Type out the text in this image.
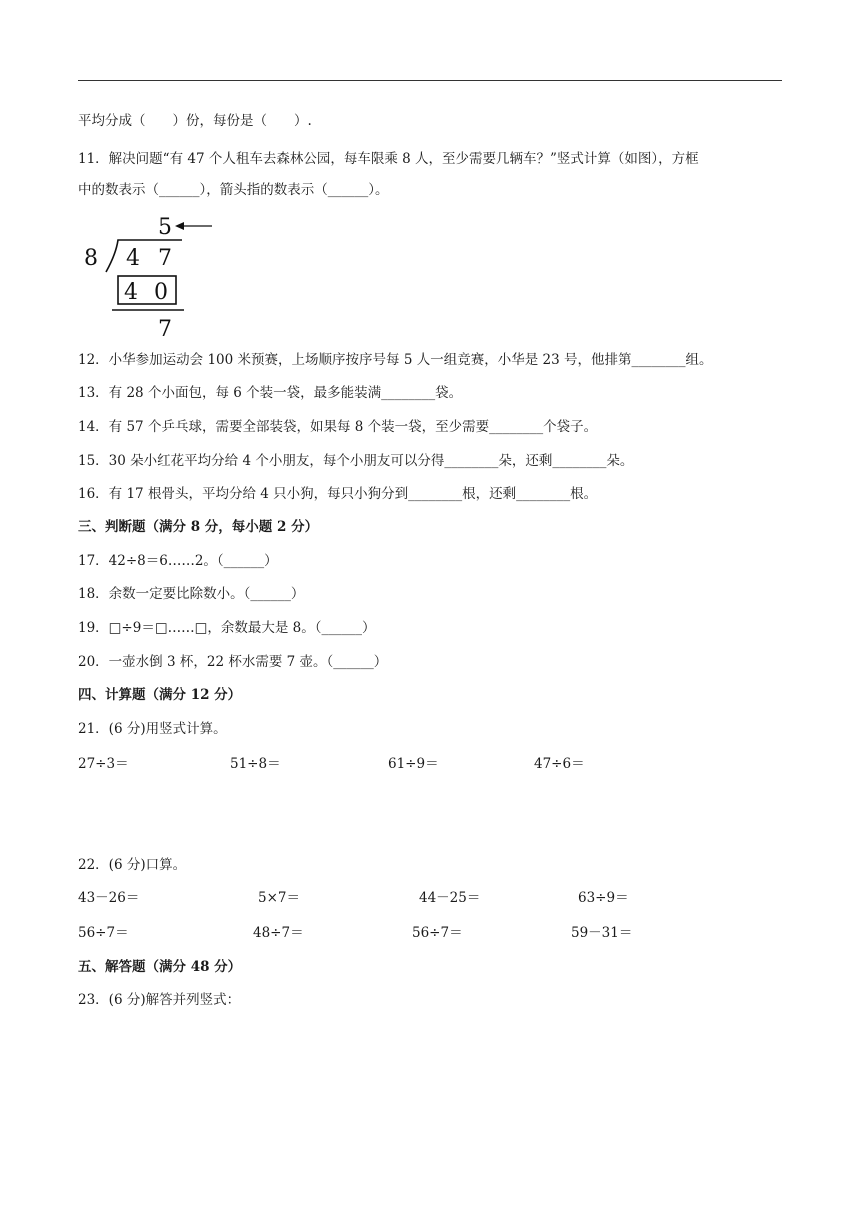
平均分成（　　）份，每份是（　　）.
11．解决问题“有 47 个人租车去森林公园，每车限乘 8 人，至少需要几辆车？”竖式计算（如图），方框
中的数表示（______），箭头指的数表示（______）。
5
8 4 7
4 0
7
12．小华参加运动会 100 米预赛，上场顺序按序号每 5 人一组竞赛，小华是 23 号，他排第________组。
13．有 28 个小面包，每 6 个装一袋，最多能装满________袋。
14．有 57 个乒乓球，需要全部装袋，如果每 8 个装一袋，至少需要________个袋子。
15．30 朵小红花平均分给 4 个小朋友，每个小朋友可以分得________朵，还剩________朵。
16．有 17 根骨头，平均分给 4 只小狗，每只小狗分到________根，还剩________根。
三、判断题（满分 8 分，每小题 2 分）
17．42÷8＝6……2。（______）
18．余数一定要比除数小。（______）
19．□÷9＝□……□，余数最大是 8。（______）
20．一壶水倒 3 杯，22 杯水需要 7 壶。（______）
四、计算题（满分 12 分）
21．(6 分)用竖式计算。
27÷3＝	51÷8＝	61÷9＝	47÷6＝
22．(6 分)口算。
43－26＝	5×7＝	44－25＝	63÷9＝
56÷7＝	48÷7＝	56÷7＝	59－31＝
五、解答题（满分 48 分）
23．(6 分)解答并列竖式：
